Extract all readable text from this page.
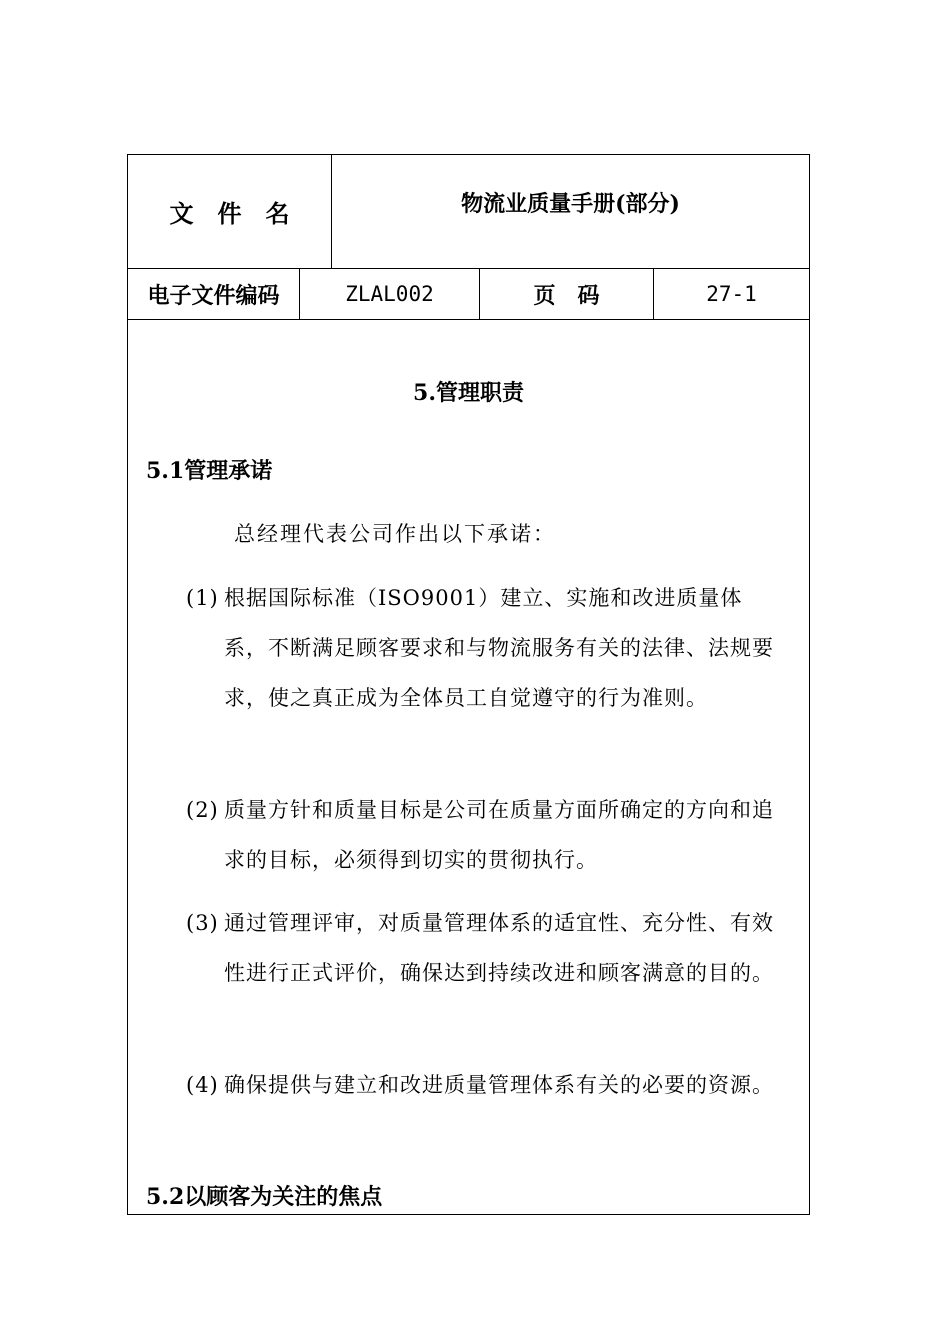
文　件　名	物流业质量手册(部分)
电子文件编码	ZLAL002	页　码	27-1
5.管理职责
5.1管理承诺
总经理代表公司作出以下承诺：
(1) 根据国际标准（ISO9001）建立、实施和改进质量体系，不断满足顾客要求和与物流服务有关的法律、法规要求，使之真正成为全体员工自觉遵守的行为准则。
(2) 质量方针和质量目标是公司在质量方面所确定的方向和追求的目标，必须得到切实的贯彻执行。
(3) 通过管理评审，对质量管理体系的适宜性、充分性、有效性进行正式评价，确保达到持续改进和顾客满意的目的。
(4) 确保提供与建立和改进质量管理体系有关的必要的资源。
5.2以顾客为关注的焦点
